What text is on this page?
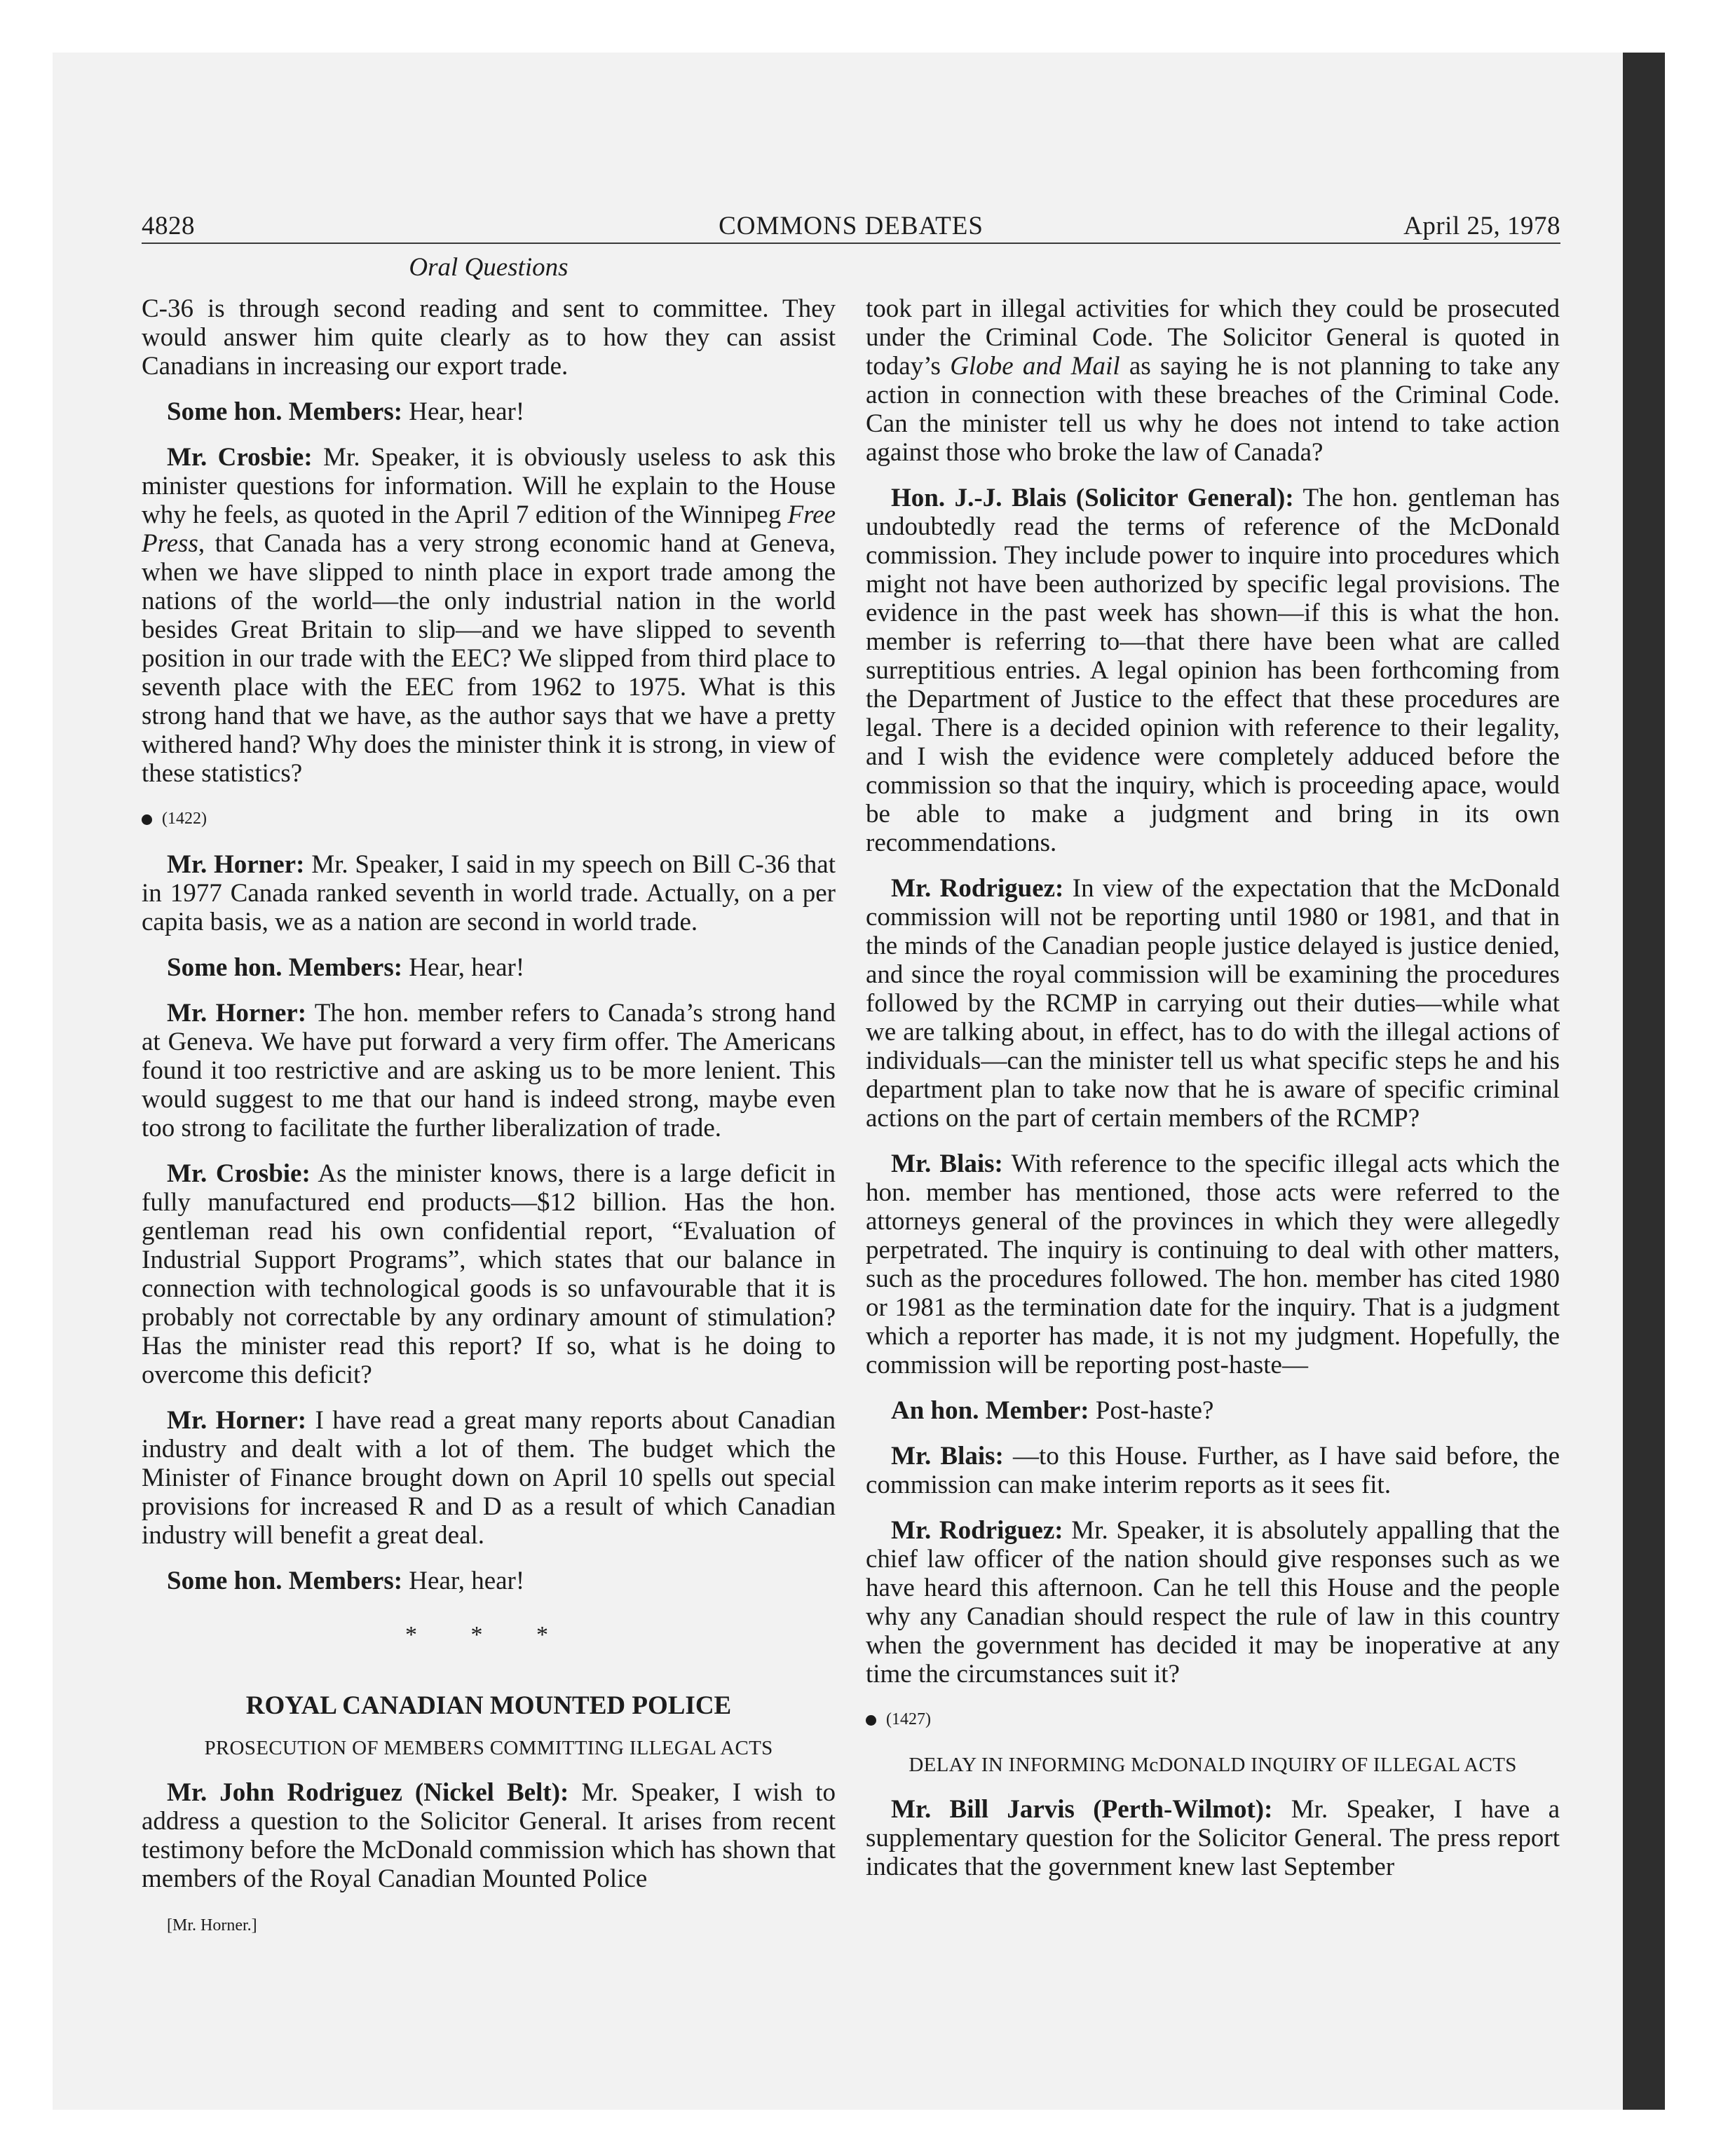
4828	COMMONS DEBATES	April 25, 1978
Oral Questions

C-36 is through second reading and sent to committee. They would answer him quite clearly as to how they can assist Canadians in increasing our export trade.

Some hon. Members: Hear, hear!

Mr. Crosbie: Mr. Speaker, it is obviously useless to ask this minister questions for information. Will he explain to the House why he feels, as quoted in the April 7 edition of the Winnipeg Free Press, that Canada has a very strong economic hand at Geneva, when we have slipped to ninth place in export trade among the nations of the world—the only industrial nation in the world besides Great Britain to slip—and we have slipped to seventh position in our trade with the EEC? We slipped from third place to seventh place with the EEC from 1962 to 1975. What is this strong hand that we have, as the author says that we have a pretty withered hand? Why does the minister think it is strong, in view of these statistics?

(1422)

Mr. Horner: Mr. Speaker, I said in my speech on Bill C-36 that in 1977 Canada ranked seventh in world trade. Actually, on a per capita basis, we as a nation are second in world trade.

Some hon. Members: Hear, hear!

Mr. Horner: The hon. member refers to Canada’s strong hand at Geneva. We have put forward a very firm offer. The Americans found it too restrictive and are asking us to be more lenient. This would suggest to me that our hand is indeed strong, maybe even too strong to facilitate the further liberalization of trade.

Mr. Crosbie: As the minister knows, there is a large deficit in fully manufactured end products—$12 billion. Has the hon. gentleman read his own confidential report, “Evaluation of Industrial Support Programs”, which states that our balance in connection with technological goods is so unfavourable that it is probably not correctable by any ordinary amount of stimulation? Has the minister read this report? If so, what is he doing to overcome this deficit?

Mr. Horner: I have read a great many reports about Canadian industry and dealt with a lot of them. The budget which the Minister of Finance brought down on April 10 spells out special provisions for increased R and D as a result of which Canadian industry will benefit a great deal.

Some hon. Members: Hear, hear!

* * *
ROYAL CANADIAN MOUNTED POLICE
PROSECUTION OF MEMBERS COMMITTING ILLEGAL ACTS

Mr. John Rodriguez (Nickel Belt): Mr. Speaker, I wish to address a question to the Solicitor General. It arises from recent testimony before the McDonald commission which has shown that members of the Royal Canadian Mounted Police

[Mr. Horner.]

took part in illegal activities for which they could be prosecuted under the Criminal Code. The Solicitor General is quoted in today’s Globe and Mail as saying he is not planning to take any action in connection with these breaches of the Criminal Code. Can the minister tell us why he does not intend to take action against those who broke the law of Canada?

Hon. J.-J. Blais (Solicitor General): The hon. gentleman has undoubtedly read the terms of reference of the McDonald commission. They include power to inquire into procedures which might not have been authorized by specific legal provisions. The evidence in the past week has shown—if this is what the hon. member is referring to—that there have been what are called surreptitious entries. A legal opinion has been forthcoming from the Department of Justice to the effect that these procedures are legal. There is a decided opinion with reference to their legality, and I wish the evidence were completely adduced before the commission so that the inquiry, which is proceeding apace, would be able to make a judgment and bring in its own recommendations.

Mr. Rodriguez: In view of the expectation that the McDonald commission will not be reporting until 1980 or 1981, and that in the minds of the Canadian people justice delayed is justice denied, and since the royal commission will be examining the procedures followed by the RCMP in carrying out their duties—while what we are talking about, in effect, has to do with the illegal actions of individuals—can the minister tell us what specific steps he and his department plan to take now that he is aware of specific criminal actions on the part of certain members of the RCMP?

Mr. Blais: With reference to the specific illegal acts which the hon. member has mentioned, those acts were referred to the attorneys general of the provinces in which they were allegedly perpetrated. The inquiry is continuing to deal with other matters, such as the procedures followed. The hon. member has cited 1980 or 1981 as the termination date for the inquiry. That is a judgment which a reporter has made, it is not my judgment. Hopefully, the commission will be reporting post-haste—

An hon. Member: Post-haste?

Mr. Blais: —to this House. Further, as I have said before, the commission can make interim reports as it sees fit.

Mr. Rodriguez: Mr. Speaker, it is absolutely appalling that the chief law officer of the nation should give responses such as we have heard this afternoon. Can he tell this House and the people why any Canadian should respect the rule of law in this country when the government has decided it may be inoperative at any time the circumstances suit it?

(1427)
DELAY IN INFORMING McDONALD INQUIRY OF ILLEGAL ACTS

Mr. Bill Jarvis (Perth-Wilmot): Mr. Speaker, I have a supplementary question for the Solicitor General. The press report indicates that the government knew last September
